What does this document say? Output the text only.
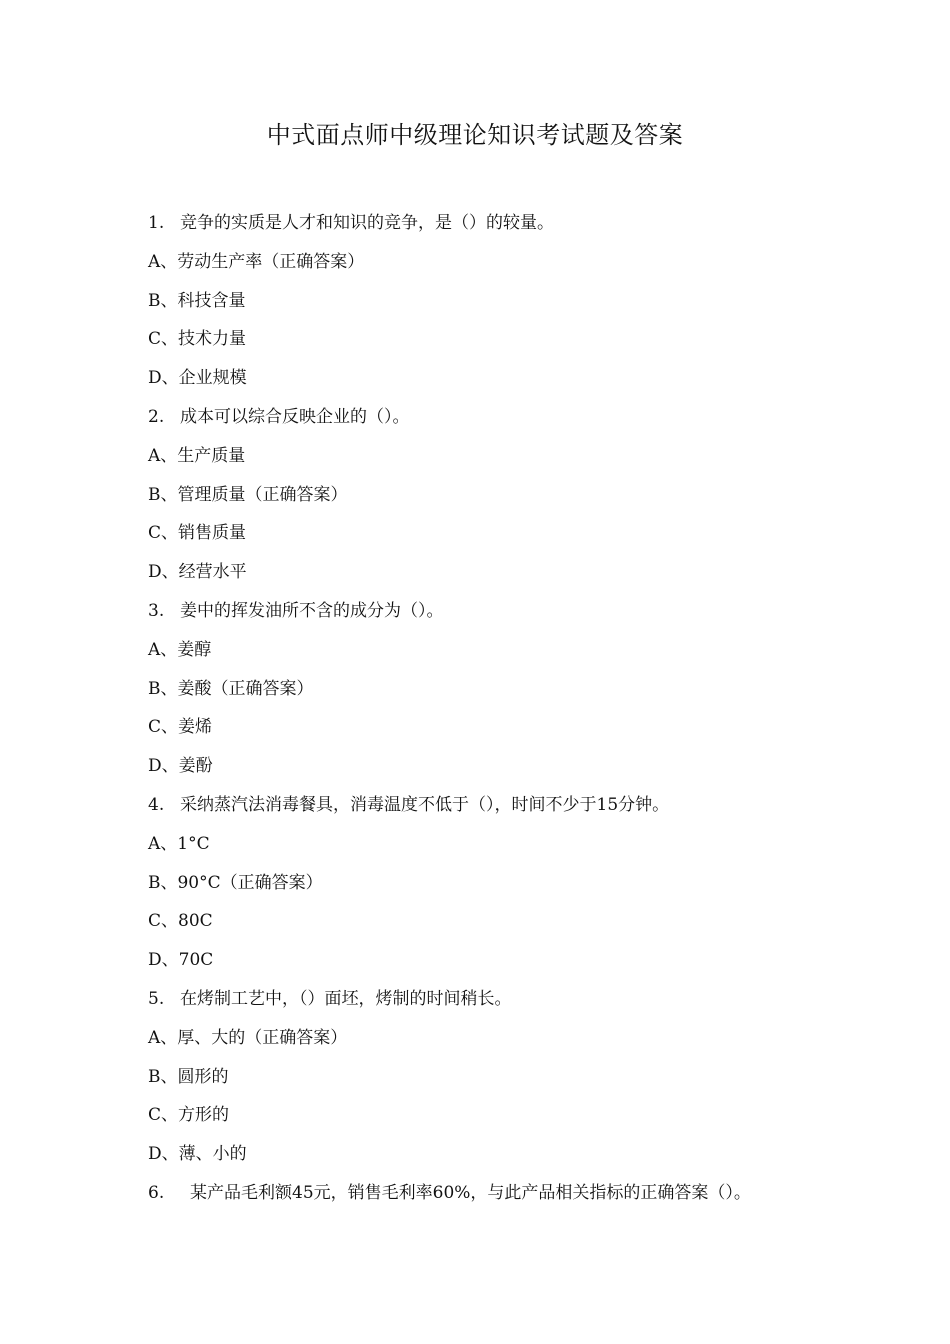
中式面点师中级理论知识考试题及答案
1. 竞争的实质是人才和知识的竞争，是（）的较量。
A、劳动生产率（正确答案）
B、科技含量
C、技术力量
D、企业规模
2. 成本可以综合反映企业的（）。
A、生产质量
B、管理质量（正确答案）
C、销售质量
D、经营水平
3. 姜中的挥发油所不含的成分为（）。
A、姜醇
B、姜酸（正确答案）
C、姜烯
D、姜酚
4. 采纳蒸汽法消毒餐具，消毒温度不低于（），时间不少于15分钟。
A、1°C
B、90°C（正确答案）
C、80C
D、70C
5. 在烤制工艺中，（）面坯，烤制的时间稍长。
A、厚、大的（正确答案）
B、圆形的
C、方形的
D、薄、小的
6. 某产品毛利额45元，销售毛利率60%，与此产品相关指标的正确答案（）。
